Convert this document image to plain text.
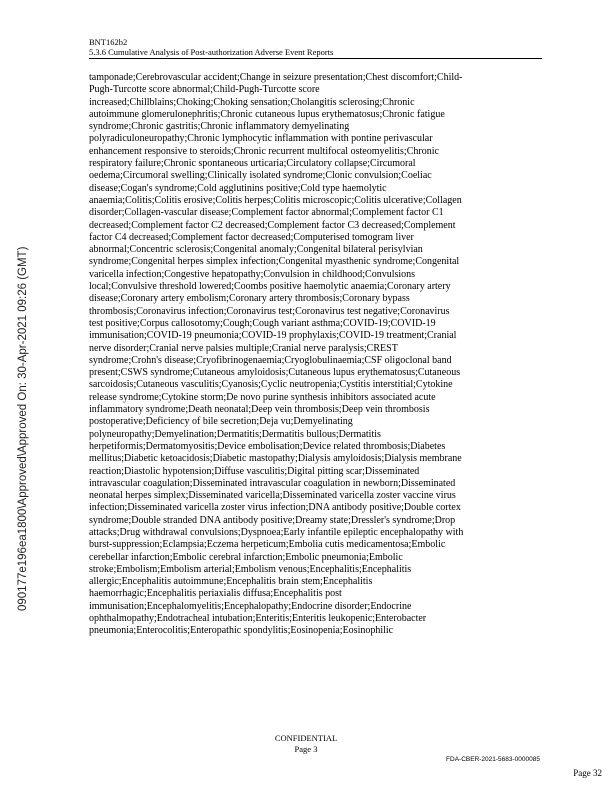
BNT162b2
5.3.6 Cumulative Analysis of Post-authorization Adverse Event Reports
tamponade;Cerebrovascular accident;Change in seizure presentation;Chest discomfort;Child-
Pugh-Turcotte score abnormal;Child-Pugh-Turcotte score
increased;Chillblains;Choking;Choking sensation;Cholangitis sclerosing;Chronic
autoimmune glomerulonephritis;Chronic cutaneous lupus erythematosus;Chronic fatigue
syndrome;Chronic gastritis;Chronic inflammatory demyelinating
polyradiculoneuropathy;Chronic lymphocytic inflammation with pontine perivascular
enhancement responsive to steroids;Chronic recurrent multifocal osteomyelitis;Chronic
respiratory failure;Chronic spontaneous urticaria;Circulatory collapse;Circumoral
oedema;Circumoral swelling;Clinically isolated syndrome;Clonic convulsion;Coeliac
disease;Cogan's syndrome;Cold agglutinins positive;Cold type haemolytic
anaemia;Colitis;Colitis erosive;Colitis herpes;Colitis microscopic;Colitis ulcerative;Collagen
disorder;Collagen-vascular disease;Complement factor abnormal;Complement factor C1
decreased;Complement factor C2 decreased;Complement factor C3 decreased;Complement
factor C4 decreased;Complement factor decreased;Computerised tomogram liver
abnormal;Concentric sclerosis;Congenital anomaly;Congenital bilateral perisylvian
syndrome;Congenital herpes simplex infection;Congenital myasthenic syndrome;Congenital
varicella infection;Congestive hepatopathy;Convulsion in childhood;Convulsions
local;Convulsive threshold lowered;Coombs positive haemolytic anaemia;Coronary artery
disease;Coronary artery embolism;Coronary artery thrombosis;Coronary bypass
thrombosis;Coronavirus infection;Coronavirus test;Coronavirus test negative;Coronavirus
test positive;Corpus callosotomy;Cough;Cough variant asthma;COVID-19;COVID-19
immunisation;COVID-19 pneumonia;COVID-19 prophylaxis;COVID-19 treatment;Cranial
nerve disorder;Cranial nerve palsies multiple;Cranial nerve paralysis;CREST
syndrome;Crohn's disease;Cryofibrinogenaemia;Cryoglobulinaemia;CSF oligoclonal band
present;CSWS syndrome;Cutaneous amyloidosis;Cutaneous lupus erythematosus;Cutaneous
sarcoidosis;Cutaneous vasculitis;Cyanosis;Cyclic neutropenia;Cystitis interstitial;Cytokine
release syndrome;Cytokine storm;De novo purine synthesis inhibitors associated acute
inflammatory syndrome;Death neonatal;Deep vein thrombosis;Deep vein thrombosis
postoperative;Deficiency of bile secretion;Deja vu;Demyelinating
polyneuropathy;Demyelination;Dermatitis;Dermatitis bullous;Dermatitis
herpetiformis;Dermatomyositis;Device embolisation;Device related thrombosis;Diabetes
mellitus;Diabetic ketoacidosis;Diabetic mastopathy;Dialysis amyloidosis;Dialysis membrane
reaction;Diastolic hypotension;Diffuse vasculitis;Digital pitting scar;Disseminated
intravascular coagulation;Disseminated intravascular coagulation in newborn;Disseminated
neonatal herpes simplex;Disseminated varicella;Disseminated varicella zoster vaccine virus
infection;Disseminated varicella zoster virus infection;DNA antibody positive;Double cortex
syndrome;Double stranded DNA antibody positive;Dreamy state;Dressler's syndrome;Drop
attacks;Drug withdrawal convulsions;Dyspnoea;Early infantile epileptic encephalopathy with
burst-suppression;Eclampsia;Eczema herpeticum;Embolia cutis medicamentosa;Embolic
cerebellar infarction;Embolic cerebral infarction;Embolic pneumonia;Embolic
stroke;Embolism;Embolism arterial;Embolism venous;Encephalitis;Encephalitis
allergic;Encephalitis autoimmune;Encephalitis brain stem;Encephalitis
haemorrhagic;Encephalitis periaxialis diffusa;Encephalitis post
immunisation;Encephalomyelitis;Encephalopathy;Endocrine disorder;Endocrine
ophthalmopathy;Endotracheal intubation;Enteritis;Enteritis leukopenic;Enterobacter
pneumonia;Enterocolitis;Enteropathic spondylitis;Eosinopenia;Eosinophilic
CONFIDENTIAL
Page 3
FDA-CBER-2021-5683-0000085
Page 32
090177e196ea1800\Approved\Approved On: 30-Apr-2021 09:26 (GMT)
